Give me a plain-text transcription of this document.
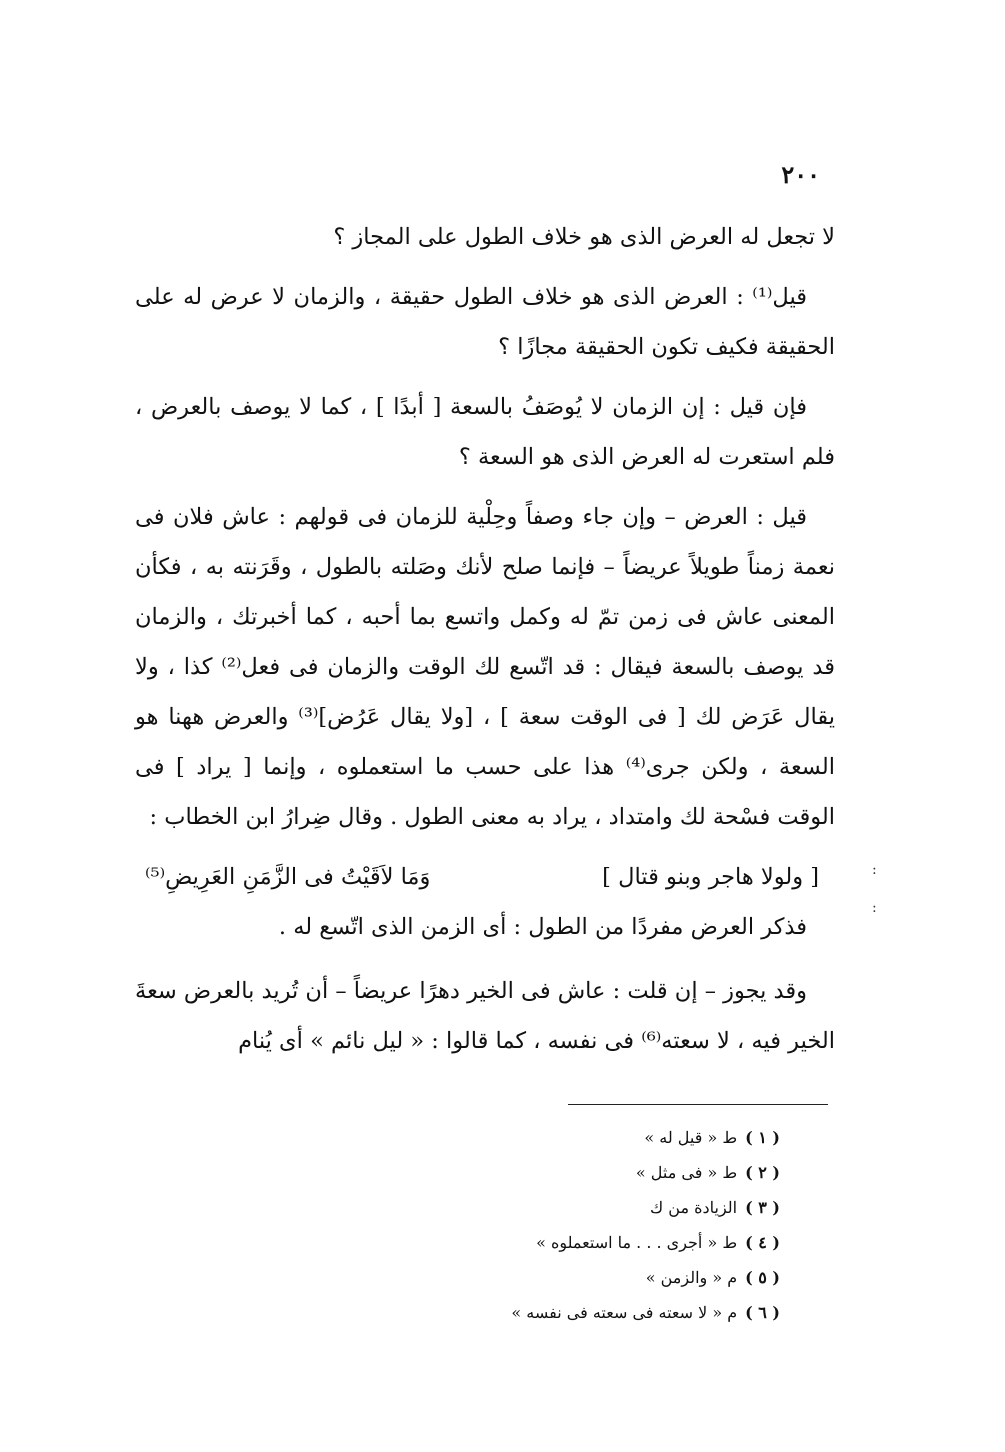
٢٠٠

لا تجعل له العرض الذى هو خلاف الطول على المجاز ؟

قيل⁽¹⁾ : العرض الذى هو خلاف الطول حقيقة ، والزمان لا عرض له على الحقيقة فكيف تكون الحقيقة مجازًا ؟

فإن قيل : إن الزمان لا يُوصَفُ بالسعة [ أبدًا ] ، كما لا يوصف بالعرض ، فلم استعرت له العرض الذى هو السعة ؟

قيل : العرض – وإن جاء وصفاً وحِلْية للزمان فى قولهم : عاش فلان فى نعمة زمناً طويلاً عريضاً – فإنما صلح لأنك وصَلته بالطول ، وقَرَنته به ، فكأن المعنى عاش فى زمن تمّ له وكمل واتسع بما أحبه ، كما أخبرتك ، والزمان قد يوصف بالسعة فيقال : قد اتّسع لك الوقت والزمان فى فعل⁽²⁾ كذا ، ولا يقال عَرَض لك [ فى الوقت سعة ] ، [ولا يقال عَرُض]⁽³⁾ والعرض ههنا هو السعة ، ولكن جرى⁽⁴⁾ هذا على حسب ما استعملوه ، وإنما [ يراد ] فى الوقت فسْحة لك وامتداد ، يراد به معنى الطول . وقال ضِرارُ ابن الخطاب :

[ ولولا هاجر وبنو قتال ]
وَمَا لاَقَيْتُ فى الزَّمَنِ العَرِيضِ⁽⁵⁾

فذكر العرض مفردًا من الطول : أى الزمن الذى اتّسع له .

وقد يجوز – إن قلت : عاش فى الخير دهرًا عريضاً – أن تُريد بالعرض سعةَ الخير فيه ، لا سعته⁽⁶⁾ فى نفسه ، كما قالوا : « ليل نائم » أى يُنام

:
:
( ١ )ط « قيل له »
( ٢ )ط « فى مثل »
( ٣ )الزيادة من ك
( ٤ )ط « أجرى . . . ما استعملوه »
( ٥ )م « والزمن »
( ٦ )م « لا سعته فى سعته فى نفسه »
